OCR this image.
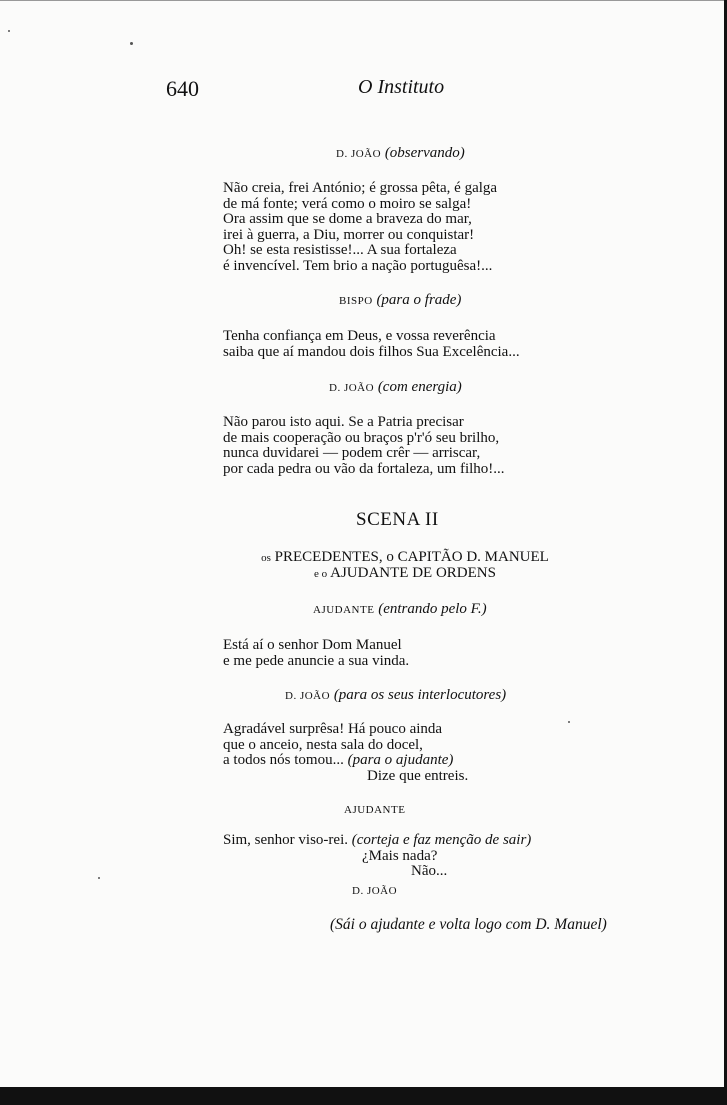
640	O Instituto
D. JOÃO (observando)
Não creia, frei António; é grossa pêta, é galga
de má fonte; verá como o moiro se salga!
Ora assim que se dome a braveza do mar,
irei à guerra, a Diu, morrer ou conquistar!
Oh! se esta resistisse!... A sua fortaleza
é invencível. Tem brio a nação portuguêsa!...
BISPO (para o frade)
Tenha confiança em Deus, e vossa reverência
saiba que aí mandou dois filhos Sua Excelência...
D. JOÃO (com energia)
Não parou isto aqui. Se a Patria precisar
de mais cooperação ou braços p'r'ó seu brilho,
nunca duvidarei — podem crêr — arriscar,
por cada pedra ou vão da fortaleza, um filho!...
SCENA II
os PRECEDENTES, o CAPITÃO D. MANUEL
e o AJUDANTE DE ORDENS
AJUDANTE (entrando pelo F.)
Está aí o senhor Dom Manuel
e me pede anuncie a sua vinda.
D. JOÃO (para os seus interlocutores)
Agradável surprêsa! Há pouco ainda
que o anceio, nesta sala do docel,
a todos nós tomou... (para o ajudante)
Dize que entreis.
AJUDANTE
Sim, senhor viso-rei. (corteja e faz menção de sair)
¿Mais nada?
Não...
D. JOÃO
(Sái o ajudante e volta logo com D. Manuel)
